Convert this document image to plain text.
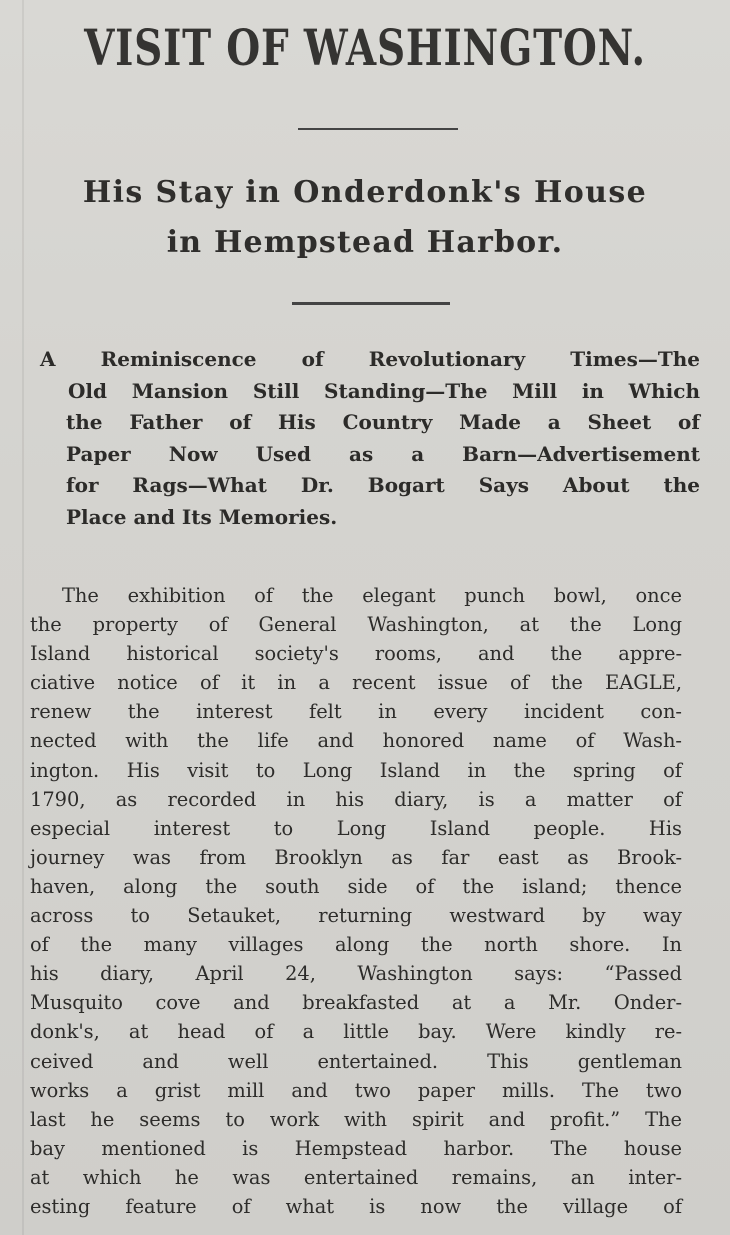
VISIT OF WASHINGTON.
His Stay in Onderdonk's House
in Hempstead Harbor.
A Reminiscence of Revolutionary Times—The
Old Mansion Still Standing—The Mill in Which
the Father of His Country Made a Sheet of
Paper Now Used as a Barn—Advertisement
for Rags—What Dr. Bogart Says About the
Place and Its Memories.
The exhibition of the elegant punch bowl, once
the property of General Washington, at the Long
Island historical society's rooms, and the appre-
ciative notice of it in a recent issue of the EAGLE,
renew the interest felt in every incident con-
nected with the life and honored name of Wash-
ington. His visit to Long Island in the spring of
1790, as recorded in his diary, is a matter of
especial interest to Long Island people. His
journey was from Brooklyn as far east as Brook-
haven, along the south side of the island; thence
across to Setauket, returning westward by way
of the many villages along the north shore. In
his diary, April 24, Washington says: “Passed
Musquito cove and breakfasted at a Mr. Onder-
donk's, at head of a little bay. Were kindly re-
ceived and well entertained. This gentleman
works a grist mill and two paper mills. The two
last he seems to work with spirit and profit.” The
bay mentioned is Hempstead harbor. The house
at which he was entertained remains, an inter-
esting feature of what is now the village of
